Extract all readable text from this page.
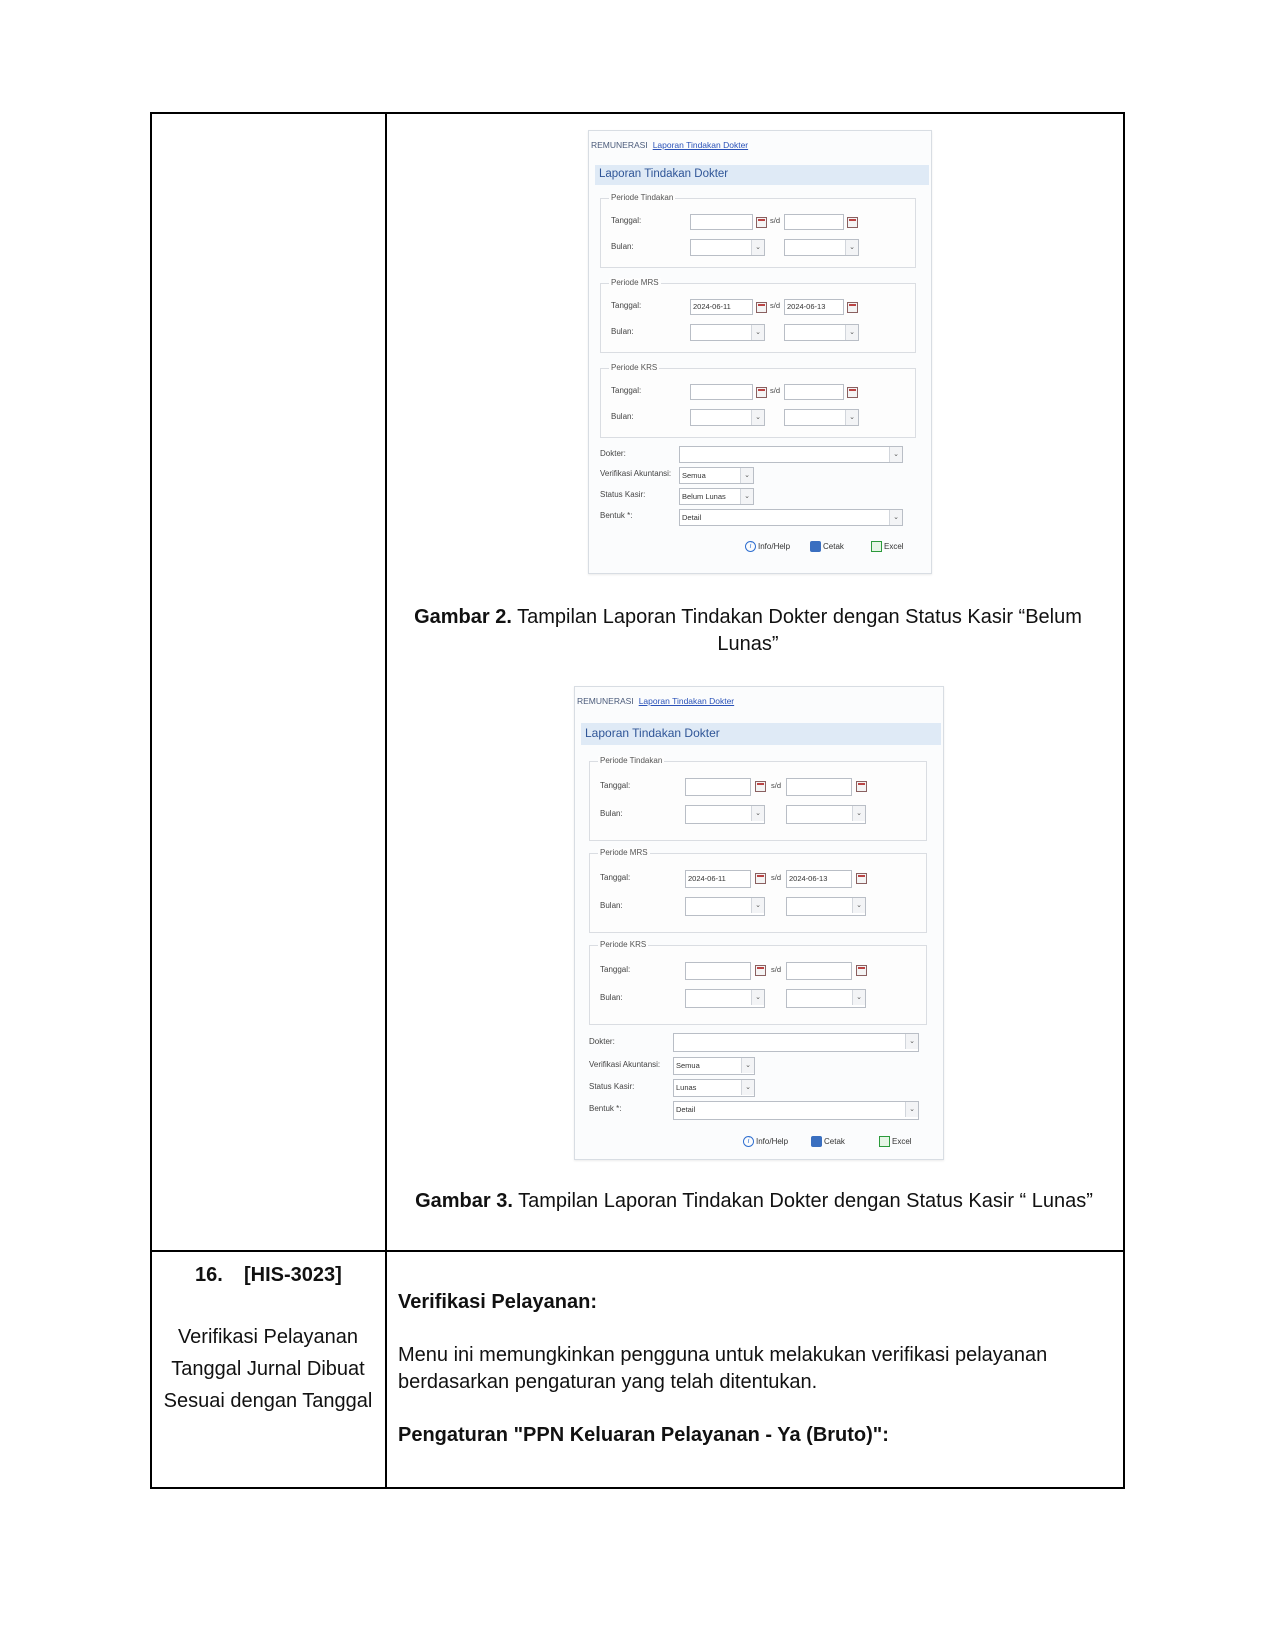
REMUNERASI Laporan Tindakan Dokter
Laporan Tindakan Dokter
Periode Tindakan
Tanggal:	s/d
Bulan:	⌄	⌄
Periode MRS
Tanggal:	2024-06-11	s/d 2024-06-13
Bulan:	⌄	⌄
Periode KRS
Tanggal:	s/d
Bulan:	⌄	⌄
Dokter:	⌄
Verifikasi Akuntansi:	Semua	⌄
Status Kasir:	Belum Lunas	⌄
Bentuk *:	Detail	⌄
i Info/Help	Cetak	Excel
Gambar 2. Tampilan Laporan Tindakan Dokter dengan Status Kasir “Belum Lunas”
REMUNERASI Laporan Tindakan Dokter
Laporan Tindakan Dokter
Periode Tindakan
Tanggal:	s/d
Bulan:	⌄	⌄
Periode MRS
Tanggal:	2024-06-11	s/d	2024-06-13
Bulan:	⌄	⌄
Periode KRS
Tanggal:	s/d
Bulan:	⌄	⌄
Dokter:	⌄
Verifikasi Akuntansi:	Semua	⌄
Status Kasir:	Lunas	⌄
Bentuk *:	Detail	⌄
i Info/Help	Cetak	Excel
Gambar 3. Tampilan Laporan Tindakan Dokter dengan Status Kasir “ Lunas”
16. [HIS-3023]
Verifikasi Pelayanan
Tanggal Jurnal Dibuat
Sesuai dengan Tanggal
Verifikasi Pelayanan:
Menu ini memungkinkan pengguna untuk melakukan verifikasi pelayanan
berdasarkan pengaturan yang telah ditentukan.
Pengaturan "PPN Keluaran Pelayanan - Ya (Bruto)":
